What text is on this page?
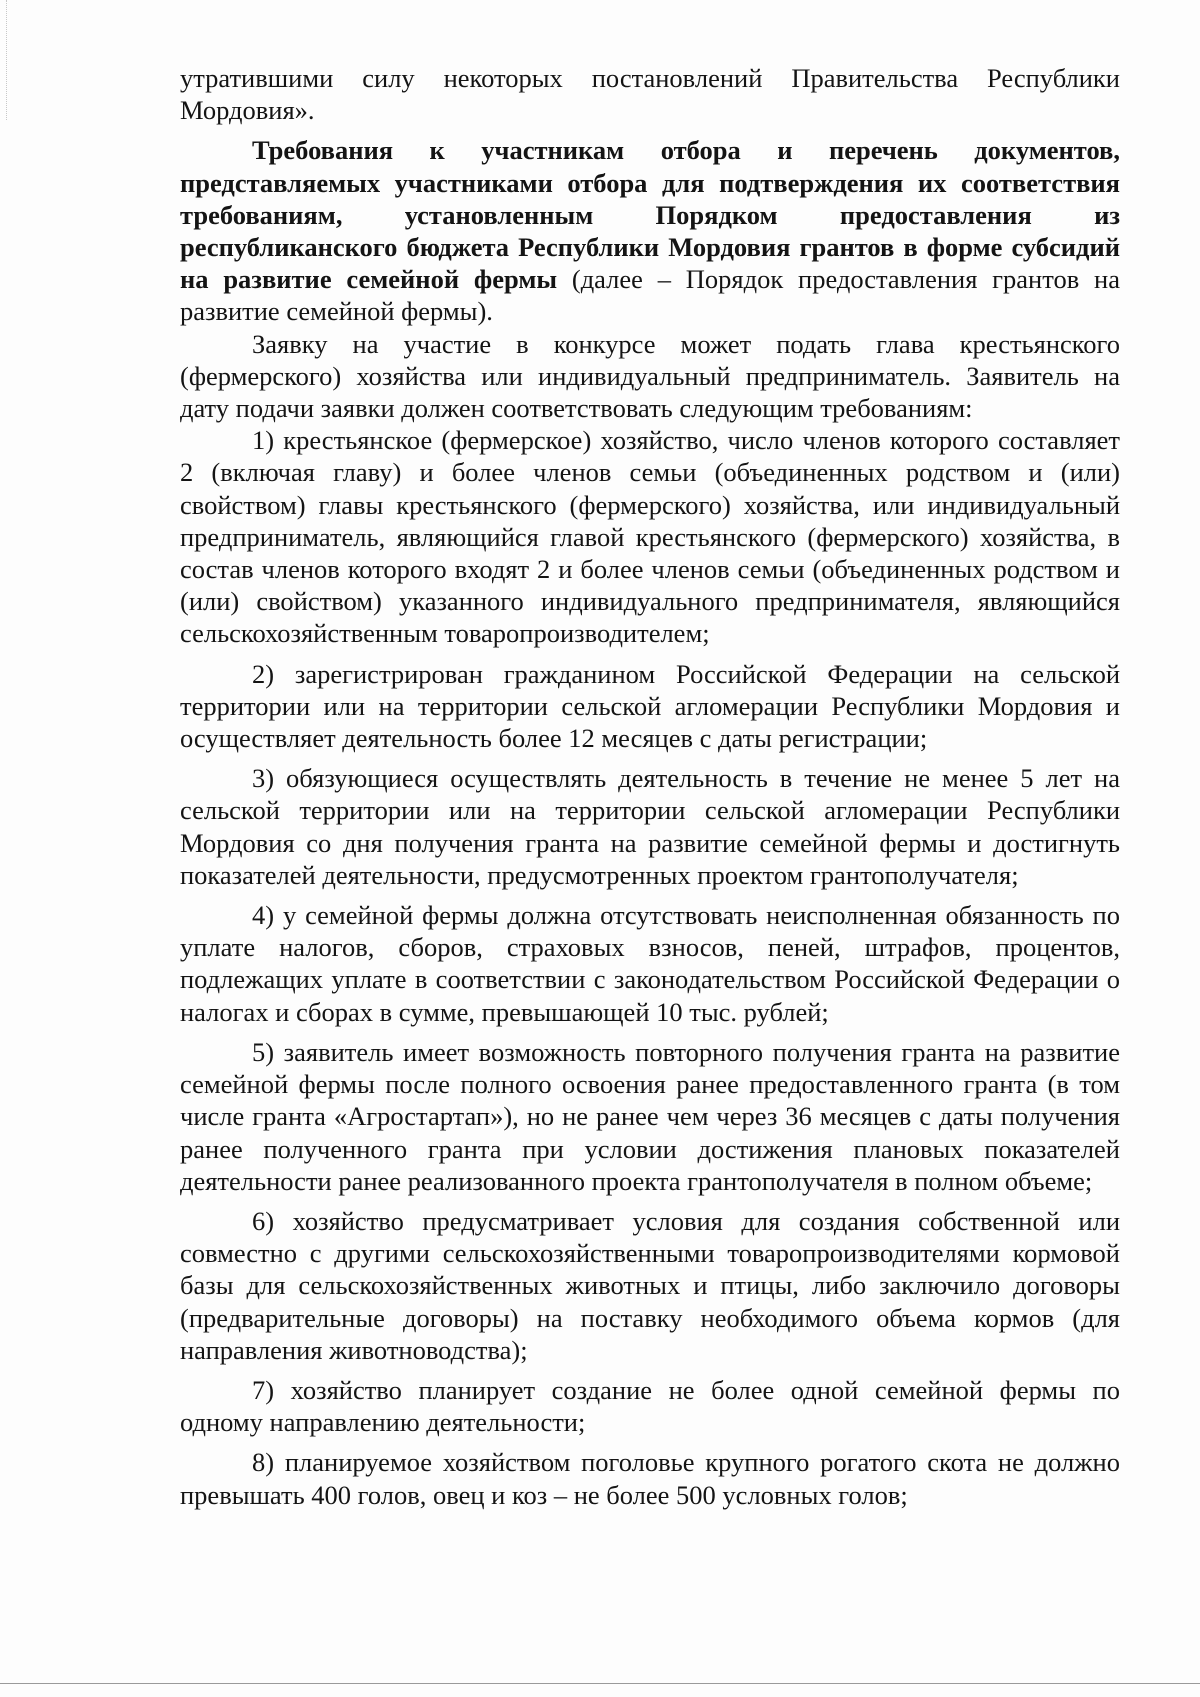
утратившими силу некоторых постановлений Правительства Республики Мордовия».

Требования к участникам отбора и перечень документов, представляемых участниками отбора для подтверждения их соответствия требованиям, установленным Порядком предоставления из республиканского бюджета Республики Мордовия грантов в форме субсидий на развитие семейной фермы (далее – Порядок предоставления грантов на развитие семейной фермы).

Заявку на участие в конкурсе может подать глава крестьянского (фермерского) хозяйства или индивидуальный предприниматель. Заявитель на дату подачи заявки должен соответствовать следующим требованиям:

1) крестьянское (фермерское) хозяйство, число членов которого составляет 2 (включая главу) и более членов семьи (объединенных родством и (или) свойством) главы крестьянского (фермерского) хозяйства, или индивидуальный предприниматель, являющийся главой крестьянского (фермерского) хозяйства, в состав членов которого входят 2 и более членов семьи (объединенных родством и (или) свойством) указанного индивидуального предпринимателя, являющийся сельскохозяйственным товаропроизводителем;

2) зарегистрирован гражданином Российской Федерации на сельской территории или на территории сельской агломерации Республики Мордовия и осуществляет деятельность более 12 месяцев с даты регистрации;

3) обязующиеся осуществлять деятельность в течение не менее 5 лет на сельской территории или на территории сельской агломерации Республики Мордовия со дня получения гранта на развитие семейной фермы и достигнуть показателей деятельности, предусмотренных проектом грантополучателя;

4) у семейной фермы должна отсутствовать неисполненная обязанность по уплате налогов, сборов, страховых взносов, пеней, штрафов, процентов, подлежащих уплате в соответствии с законодательством Российской Федерации о налогах и сборах в сумме, превышающей 10 тыс. рублей;

5) заявитель имеет возможность повторного получения гранта на развитие семейной фермы после полного освоения ранее предоставленного гранта (в том числе гранта «Агростартап»), но не ранее чем через 36 месяцев с даты получения ранее полученного гранта при условии достижения плановых показателей деятельности ранее реализованного проекта грантополучателя в полном объеме;

6) хозяйство предусматривает условия для создания собственной или совместно с другими сельскохозяйственными товаропроизводителями кормовой базы для сельскохозяйственных животных и птицы, либо заключило договоры (предварительные договоры) на поставку необходимого объема кормов (для направления животноводства);

7) хозяйство планирует создание не более одной семейной фермы по одному направлению деятельности;

8) планируемое хозяйством поголовье крупного рогатого скота не должно превышать 400 голов, овец и коз – не более 500 условных голов;
